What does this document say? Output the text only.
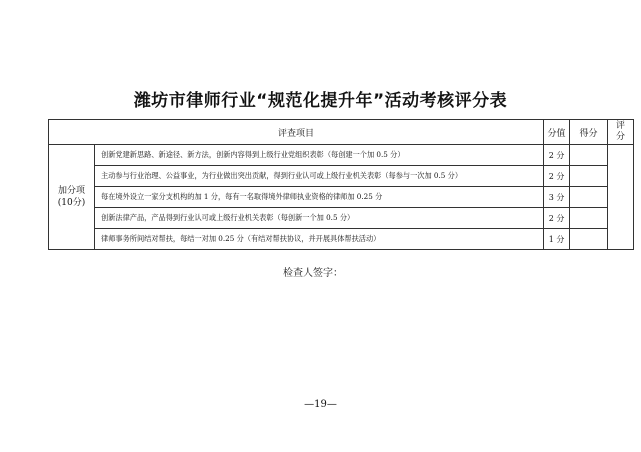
潍坊市律师行业“规范化提升年”活动考核评分表
评查项目		分值	得分	评分

加分项
(10分)	创新党建新思路、新途径、新方法，创新内容得到上级行业党组织表彰（每创建一个加 0.5 分）	2 分		
	主动参与行业治理、公益事业，为行业做出突出贡献，得到行业认可或上级行业机关表彰（每参与一次加 0.5 分）	2 分		
	每在境外设立一家分支机构的加 1 分，每有一名取得境外律师执业资格的律师加 0.25 分	3 分		
	创新法律产品，产品得到行业认可或上级行业机关表彰（每创新一个加 0.5 分）	2 分		
	律师事务所间结对帮扶，每结一对加 0.25 分（有结对帮扶协议，并开展具体帮扶活动）	1 分		
检查人签字：
—19—
